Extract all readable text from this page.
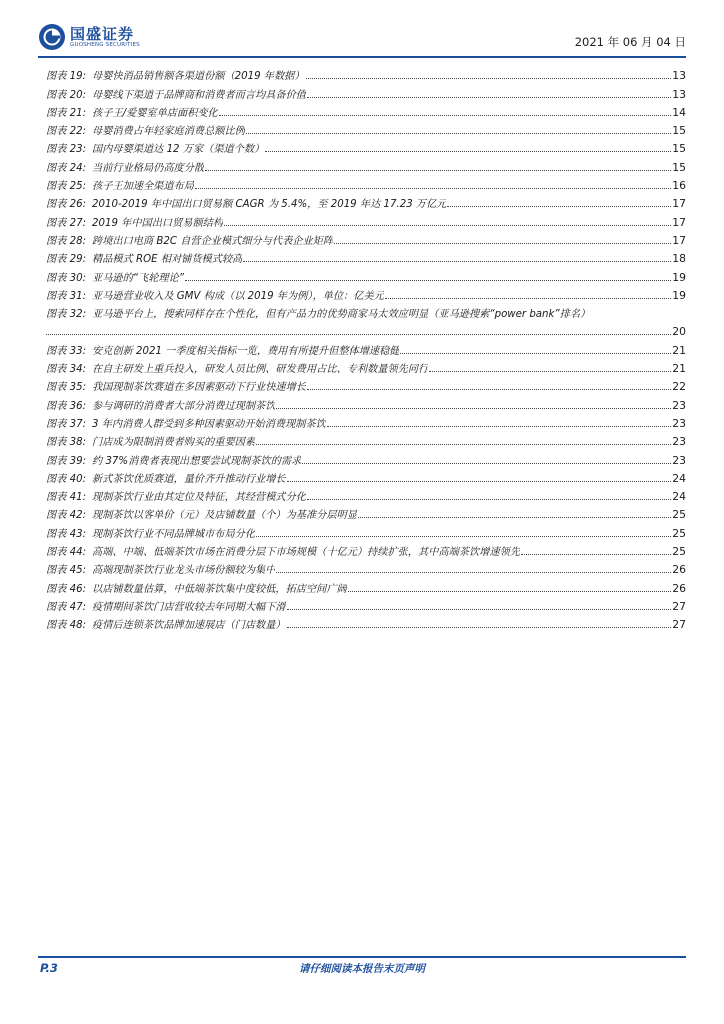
国盛证券
GUOSHENG SECURITIES	2021 年 06 月 04 日
图表 19: 母婴快消品销售额各渠道份额（2019 年数据）	13
图表 20: 母婴线下渠道于品牌商和消费者而言均具备价值	13
图表 21: 孩子王/爱婴室单店面积变化	14
图表 22: 母婴消费占年轻家庭消费总额比例	15
图表 23: 国内母婴渠道达 12 万家（渠道个数）	15
图表 24: 当前行业格局仍高度分散	15
图表 25: 孩子王加速全渠道布局	16
图表 26: 2010-2019 年中国出口贸易额 CAGR 为 5.4%，至 2019 年达 17.23 万亿元	17
图表 27: 2019 年中国出口贸易额结构	17
图表 28: 跨境出口电商 B2C 自营企业模式细分与代表企业矩阵	17
图表 29: 精品模式 ROE 相对铺货模式较高	18
图表 30: 亚马逊的“飞轮理论”	19
图表 31: 亚马逊营业收入及 GMV 构成（以 2019 年为例），单位：亿美元	19
图表 32: 亚马逊平台上，搜索同样存在个性化，但有产品力的优势商家马太效应明显（亚马逊搜索“power bank”排名）
20
图表 33: 安克创新 2021 一季度相关指标一览，费用有所提升但整体增速稳健	21
图表 34: 在自主研发上重兵投入，研发人员比例、研发费用占比、专利数量领先同行	21
图表 35: 我国现制茶饮赛道在多因素驱动下行业快速增长	22
图表 36: 参与调研的消费者大部分消费过现制茶饮	23
图表 37: 3 年内消费人群受到多种因素驱动开始消费现制茶饮	23
图表 38: 门店成为限制消费者购买的重要因素	23
图表 39: 约 37%消费者表现出想要尝试现制茶饮的需求	23
图表 40: 新式茶饮优质赛道，量价齐升推动行业增长	24
图表 41: 现制茶饮行业由其定位及特征，其经营模式分化	24
图表 42: 现制茶饮以客单价（元）及店铺数量（个）为基准分层明显	25
图表 43: 现制茶饮行业不同品牌城市布局分化	25
图表 44: 高端、中端、低端茶饮市场在消费分层下市场规模（十亿元）持续扩张，其中高端茶饮增速领先	25
图表 45: 高端现制茶饮行业龙头市场份额较为集中	26
图表 46: 以店铺数量估算，中低端茶饮集中度较低，拓店空间广阔	26
图表 47: 疫情期间茶饮门店营收较去年同期大幅下滑	27
图表 48: 疫情后连锁茶饮品牌加速展店（门店数量）	27
P.3	请仔细阅读本报告末页声明
